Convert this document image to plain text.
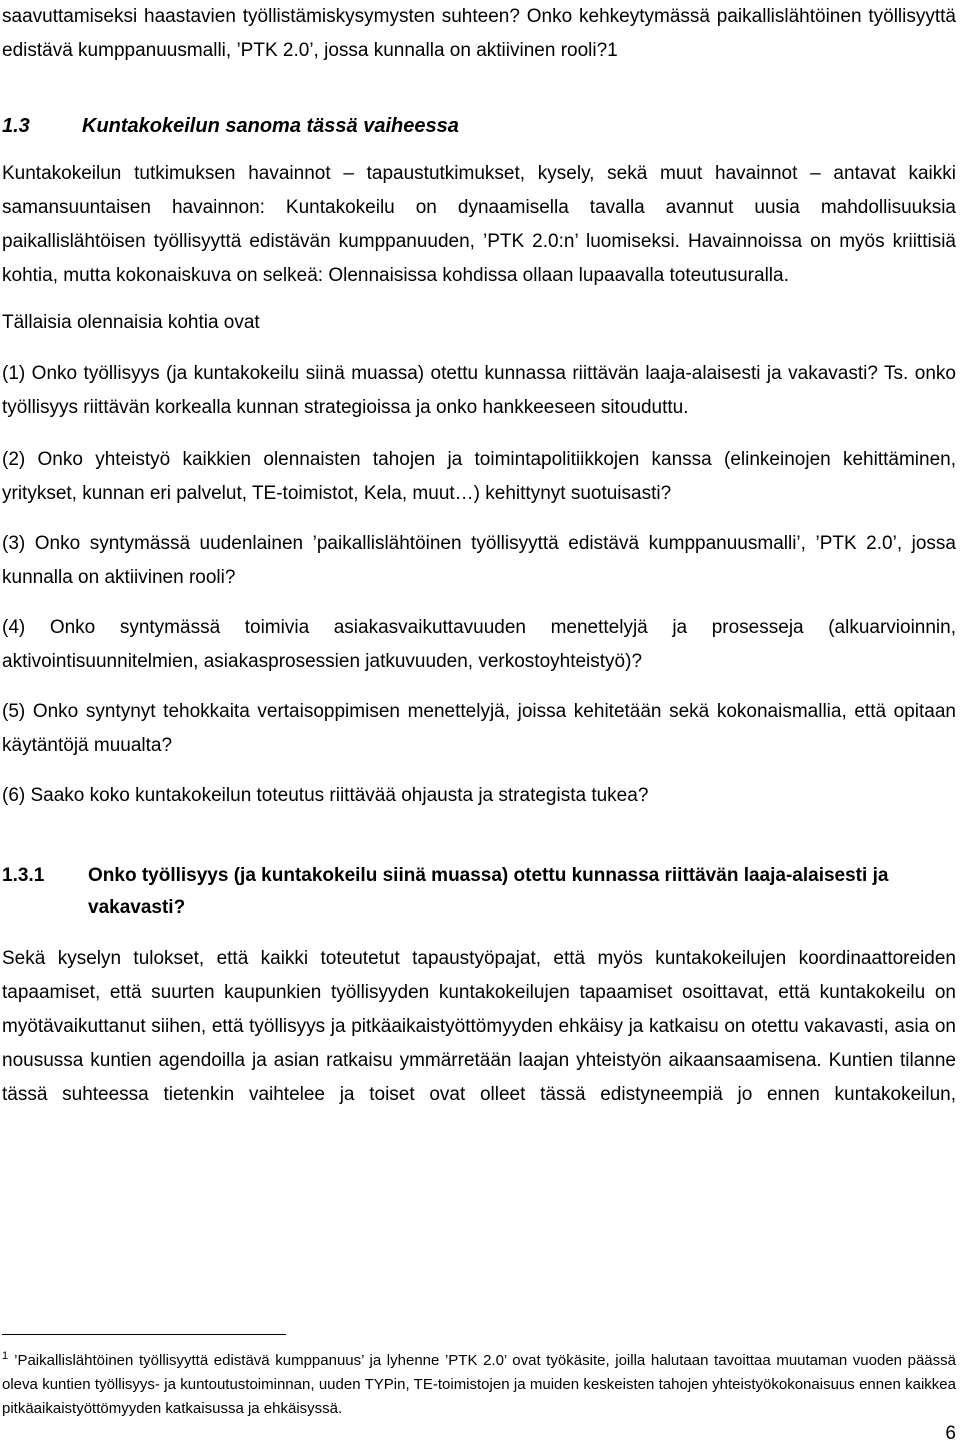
saavuttamiseksi haastavien työllistämiskysymysten suhteen? Onko kehkeytymässä paikallislähtöinen työllisyyttä edistävä kumppanuusmalli, ’PTK 2.0’, jossa kunnalla on aktiivinen rooli?1

1.3	Kuntakokeilun sanoma tässä vaiheessa

Kuntakokeilun tutkimuksen havainnot – tapaustutkimukset, kysely, sekä muut havainnot – antavat kaikki samansuuntaisen havainnon: Kuntakokeilu on dynaamisella tavalla avannut uusia mahdollisuuksia paikallislähtöisen työllisyyttä edistävän kumppanuuden, ’PTK 2.0:n’ luomiseksi. Havainnoissa on myös kriittisiä kohtia, mutta kokonaiskuva on selkeä: Olennaisissa kohdissa ollaan lupaavalla toteutusuralla.

Tällaisia olennaisia kohtia ovat

(1) Onko työllisyys (ja kuntakokeilu siinä muassa) otettu kunnassa riittävän laaja-alaisesti ja vakavasti? Ts. onko työllisyys riittävän korkealla kunnan strategioissa ja onko hankkeeseen sitouduttu.

(2) Onko yhteistyö kaikkien olennaisten tahojen ja toimintapolitiikkojen kanssa (elinkeinojen kehittäminen, yritykset, kunnan eri palvelut, TE-toimistot, Kela, muut…) kehittynyt suotuisasti?

(3) Onko syntymässä uudenlainen ’paikallislähtöinen työllisyyttä edistävä kumppanuusmalli’, ’PTK 2.0’, jossa kunnalla on aktiivinen rooli?

(4) Onko syntymässä toimivia asiakasvaikuttavuuden menettelyjä ja prosesseja (alkuarvioinnin, aktivointisuunnitelmien, asiakasprosessien jatkuvuuden, verkostoyhteistyö)?

(5) Onko syntynyt tehokkaita vertaisoppimisen menettelyjä, joissa kehitetään sekä kokonaismallia, että opitaan käytäntöjä muualta?

(6) Saako koko kuntakokeilun toteutus riittävää ohjausta ja strategista tukea?

1.3.1	Onko työllisyys (ja kuntakokeilu siinä muassa) otettu kunnassa riittävän laaja-alaisesti ja vakavasti?

Sekä kyselyn tulokset, että kaikki toteutetut tapaustyöpajat, että myös kuntakokeilujen koordinaattoreiden tapaamiset, että suurten kaupunkien työllisyyden kuntakokeilujen tapaamiset osoittavat, että kuntakokeilu on myötävaikuttanut siihen, että työllisyys ja pitkäaikaistyöttömyyden ehkäisy ja katkaisu on otettu vakavasti, asia on nousussa kuntien agendoilla ja asian ratkaisu ymmärretään laajan yhteistyön aikaansaamisena. Kuntien tilanne tässä suhteessa tietenkin vaihtelee ja toiset ovat olleet tässä edistyneempiä jo ennen kuntakokeilun,

$^1$ ’Paikallislähtöinen työllisyyttä edistävä kumppanuus’ ja lyhenne ’PTK 2.0’ ovat työkäsite, joilla halutaan tavoittaa muutaman vuoden päässä oleva kuntien työllisyys- ja kuntoutustoiminnan, uuden TYPin, TE-toimistojen ja muiden keskeisten tahojen yhteistyökokonaisuus ennen kaikkea pitkäaikaistyöttömyyden katkaisussa ja ehkäisyssä.
6
